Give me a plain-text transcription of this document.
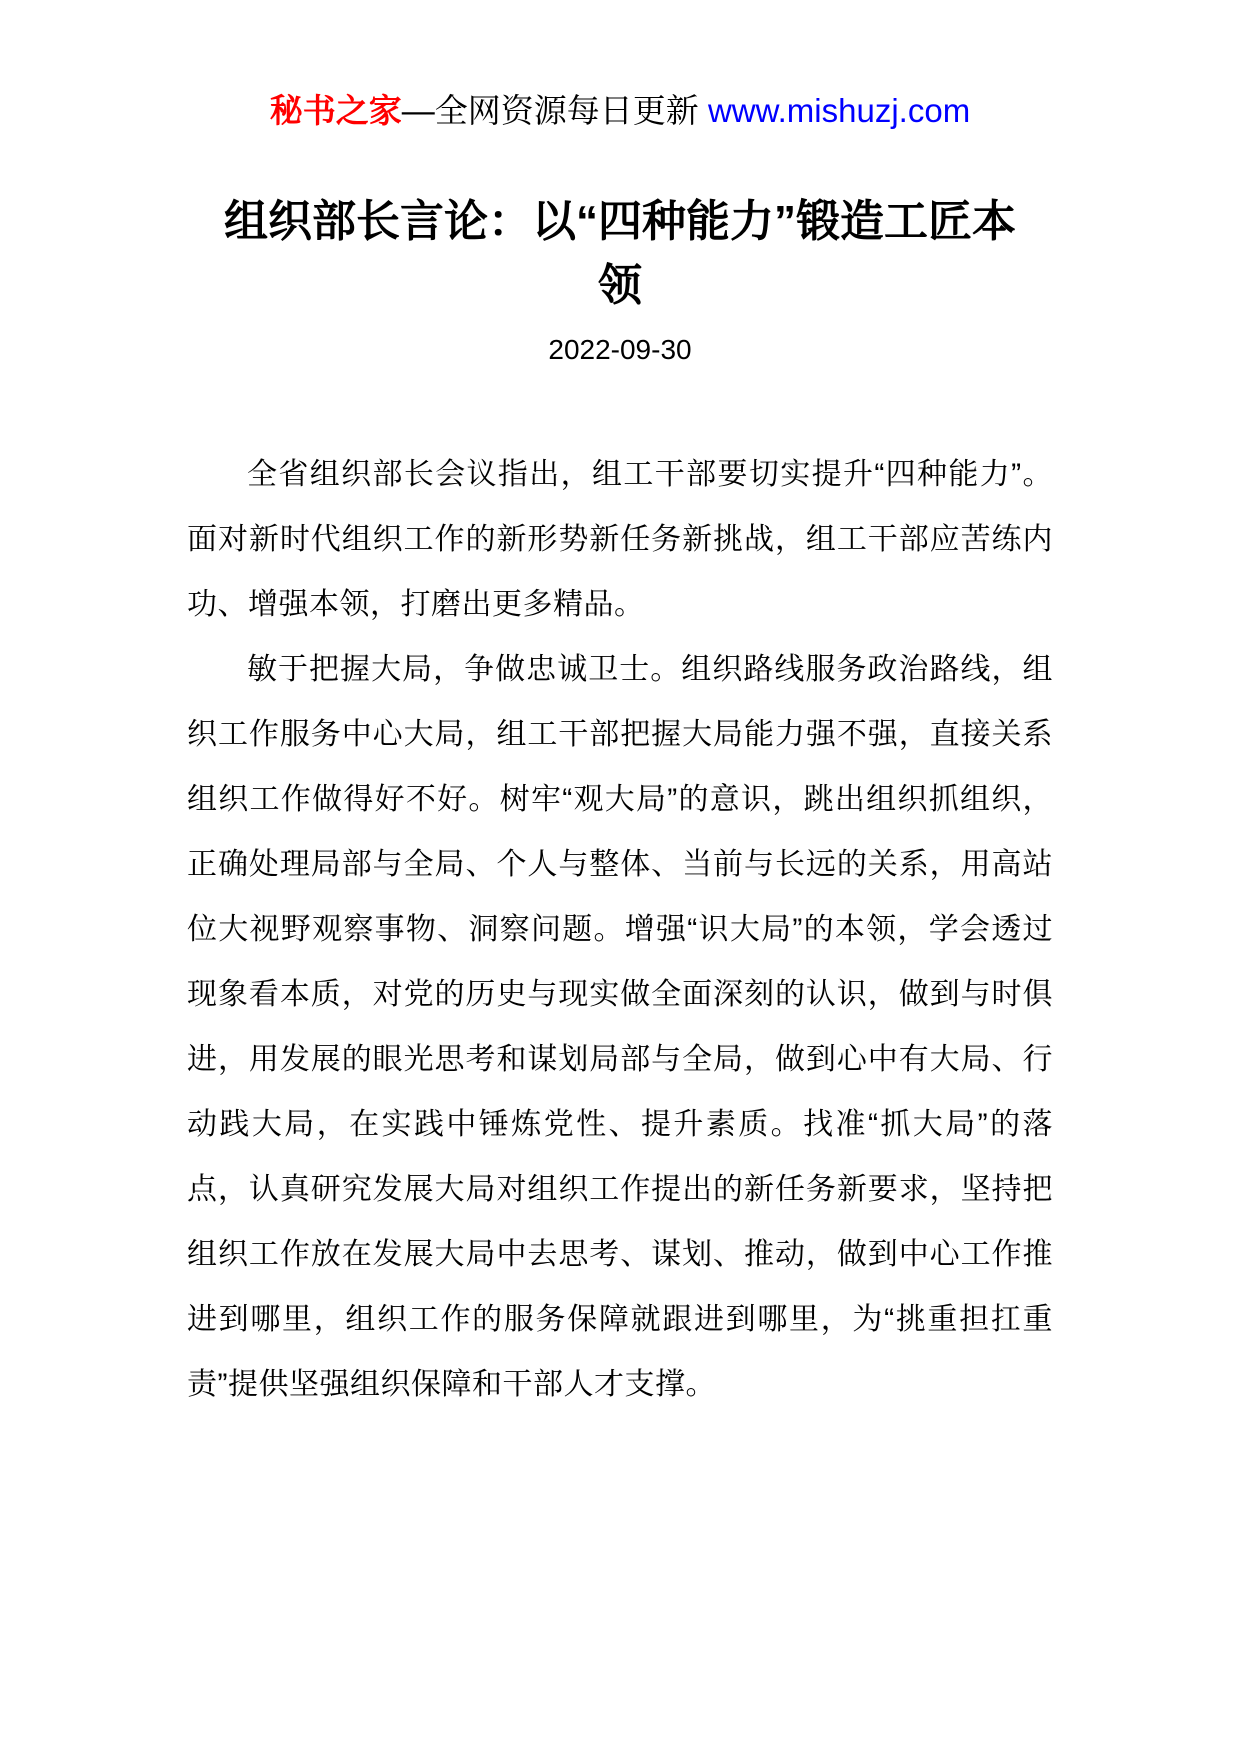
秘书之家—全网资源每日更新 www.mishuzj.com
组织部长言论：以“四种能力”锻造工匠本领
2022-09-30

全省组织部长会议指出，组工干部要切实提升“四种能力”。面对新时代组织工作的新形势新任务新挑战，组工干部应苦练内功、增强本领，打磨出更多精品。

敏于把握大局，争做忠诚卫士。组织路线服务政治路线，组织工作服务中心大局，组工干部把握大局能力强不强，直接关系组织工作做得好不好。树牢“观大局”的意识，跳出组织抓组织，正确处理局部与全局、个人与整体、当前与长远的关系，用高站位大视野观察事物、洞察问题。增强“识大局”的本领，学会透过现象看本质，对党的历史与现实做全面深刻的认识，做到与时俱进，用发展的眼光思考和谋划局部与全局，做到心中有大局、行动践大局，在实践中锤炼党性、提升素质。找准“抓大局”的落点，认真研究发展大局对组织工作提出的新任务新要求，坚持把组织工作放在发展大局中去思考、谋划、推动，做到中心工作推进到哪里，组织工作的服务保障就跟进到哪里，为“挑重担扛重责”提供坚强组织保障和干部人才支撑。
